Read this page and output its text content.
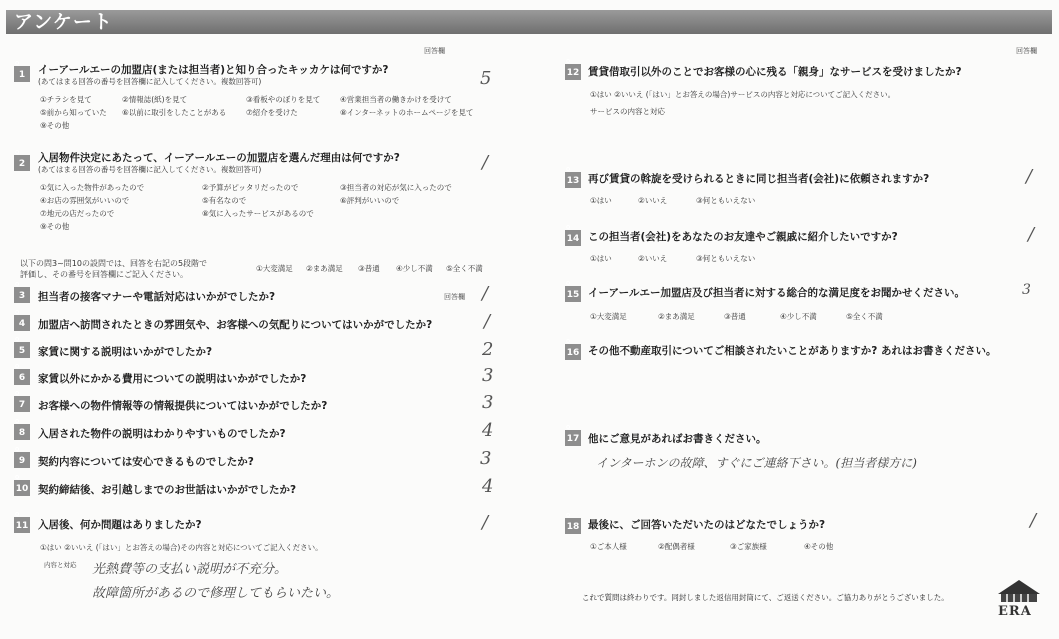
アンケート
回答欄	回答欄
Q 1	イーアールエーの加盟店(または担当者)と知り合ったキッカケは何ですか?
(あてはまる回答の番号を回答欄に記入してください。複数回答可)
①チラシを見て	②情報誌(紙)を見て	③看板やのぼりを見て	④営業担当者の働きかけを受けて
⑤前から知っていた ⑥以前に取引をしたことがある	⑦紹介を受けた	⑧インターネットのホームページを見て
⑨その他
5
Q 2	入居物件決定にあたって、イーアールエーの加盟店を選んだ理由は何ですか?
(あてはまる回答の番号を回答欄に記入してください。複数回答可)
①気に入った物件があったので	②予算がピッタリだったので	③担当者の対応が気に入ったので
④お店の雰囲気がいいので	⑤有名なので	⑥評判がいいので
⑦地元の店だったので	⑧気に入ったサービスがあるので
⑨その他
/
以下の問3~問10の設問では、回答を右記の5段階で
評価し、その番号を回答欄にご記入ください。
①大変満足 ②まあ満足 ③普通 ④少し不満 ⑤全く不満
Q 3	担当者の接客マナーや電話対応はいかがでしたか?	回答欄 /
Q 4	加盟店へ訪問されたときの雰囲気や、お客様への気配りについてはいかがでしたか?	/
Q 5	家賃に関する説明はいかがでしたか?	2
Q 6	家賃以外にかかる費用についての説明はいかがでしたか?	3
Q 7	お客様への物件情報等の情報提供についてはいかがでしたか?	3
Q 8	入居された物件の説明はわかりやすいものでしたか?	4
Q 9	契約内容については安心できるものでしたか?	3
Q 10 契約締結後、お引越しまでのお世話はいかがでしたか?	4
Q 11 入居後、何か問題はありましたか?	/
①はい ②いいえ (「はい」とお答えの場合)その内容と対応についてご記入ください。
内容と対応 光熱費等の支払い説明が不充分。
故障箇所があるので修理してもらいたい。
Q 12 賃貸借取引以外のことでお客様の心に残る「親身」なサービスを受けましたか?
①はい ②いいえ (「はい」とお答えの場合)サービスの内容と対応についてご記入ください。
サービスの内容と対応
Q 13 再び賃貸の斡旋を受けられるときに同じ担当者(会社)に依頼されますか?
①はい	②いいえ	③何ともいえない
/
Q 14 この担当者(会社)をあなたのお友達やご親戚に紹介したいですか?
①はい	②いいえ	③何ともいえない
/
Q 15 イーアールエー加盟店及び担当者に対する総合的な満足度をお聞かせください。
①大変満足	②まあ満足	③普通	④少し不満	⑤全く不満
3
Q 16 その他不動産取引についてご相談されたいことがありますか? あれはお書きください。
Q 17 他にご意見があればお書きください。
インターホンの故障、すぐにご連絡下さい。(担当者様方に)
Q 18 最後に、ご回答いただいたのはどなたでしょうか?
①ご本人様	②配偶者様	③ご家族様	④その他
/
これで質問は終わりです。同封しました返信用封筒にて、ご返送ください。ご協力ありがとうございました。
ERA
